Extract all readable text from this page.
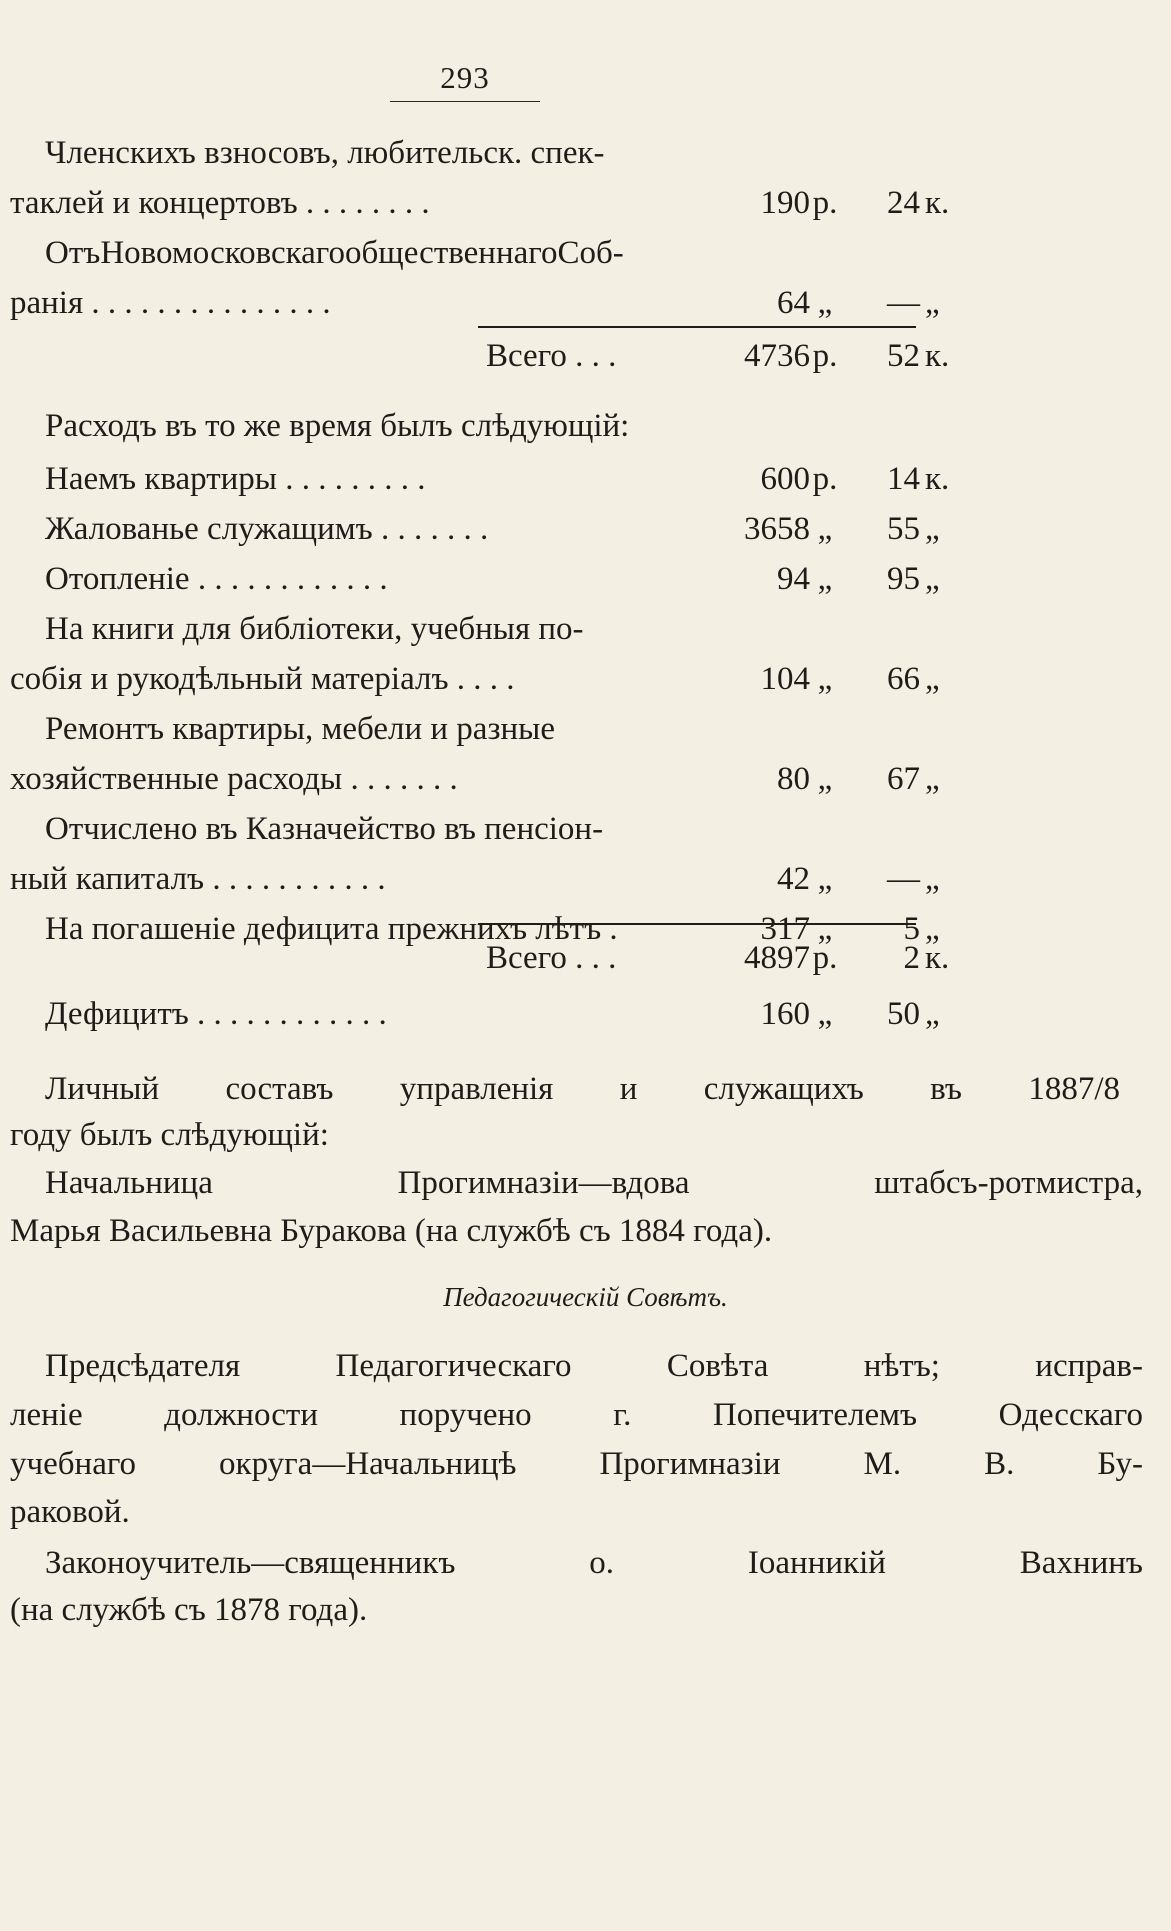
293
Членскихъ взносовъ, любительск. спек-
таклей и концертовъ . . . . . . . .	190 р.	24 к.
ОтъНовомосковскагообщественнагоСоб-
ранія . . . . . . . . . . . . . . .	64 „	— „
Всего . . .	4736 р.	52 к.
Расходъ въ то же время былъ слѣдующій:
Наемъ квартиры . . . . . . . . .	600 р.	14 к.
Жалованье служащимъ . . . . . . .	3658 „	55 „
Отопленіе . . . . . . . . . . . .	94 „	95 „
На книги для библіотеки, учебныя по-
собія и рукодѣльный матеріалъ . . . .	104 „	66 „
Ремонтъ квартиры, мебели и разные
хозяйственные расходы . . . . . . .	80 „	67 „
Отчислено въ Казначейство въ пенсіон-
ный капиталъ . . . . . . . . . . .	42 „	— „
На погашеніе дефицита прежнихъ лѣтъ .	317 „	5 „
Всего . . .	4897 р.	2 к.
Дефицитъ . . . . . . . . . . . .	160 „	50 „
Личный составъ управленія и служащихъ въ 1887/8
году былъ слѣдующій:
Начальница Прогимназіи—вдова штабсъ-ротмистра,
Марья Васильевна Буракова (на службѣ съ 1884 года).
Педагогическій Совѣтъ.
Предсѣдателя Педагогическаго Совѣта нѣтъ; исправ-
леніе должности поручено г. Попечителемъ Одесскаго
учебнаго округа—Начальницѣ Прогимназіи М. В. Бу-
раковой.
Законоучитель—священникъ о. Іоанникій Вахнинъ
(на службѣ съ 1878 года).
